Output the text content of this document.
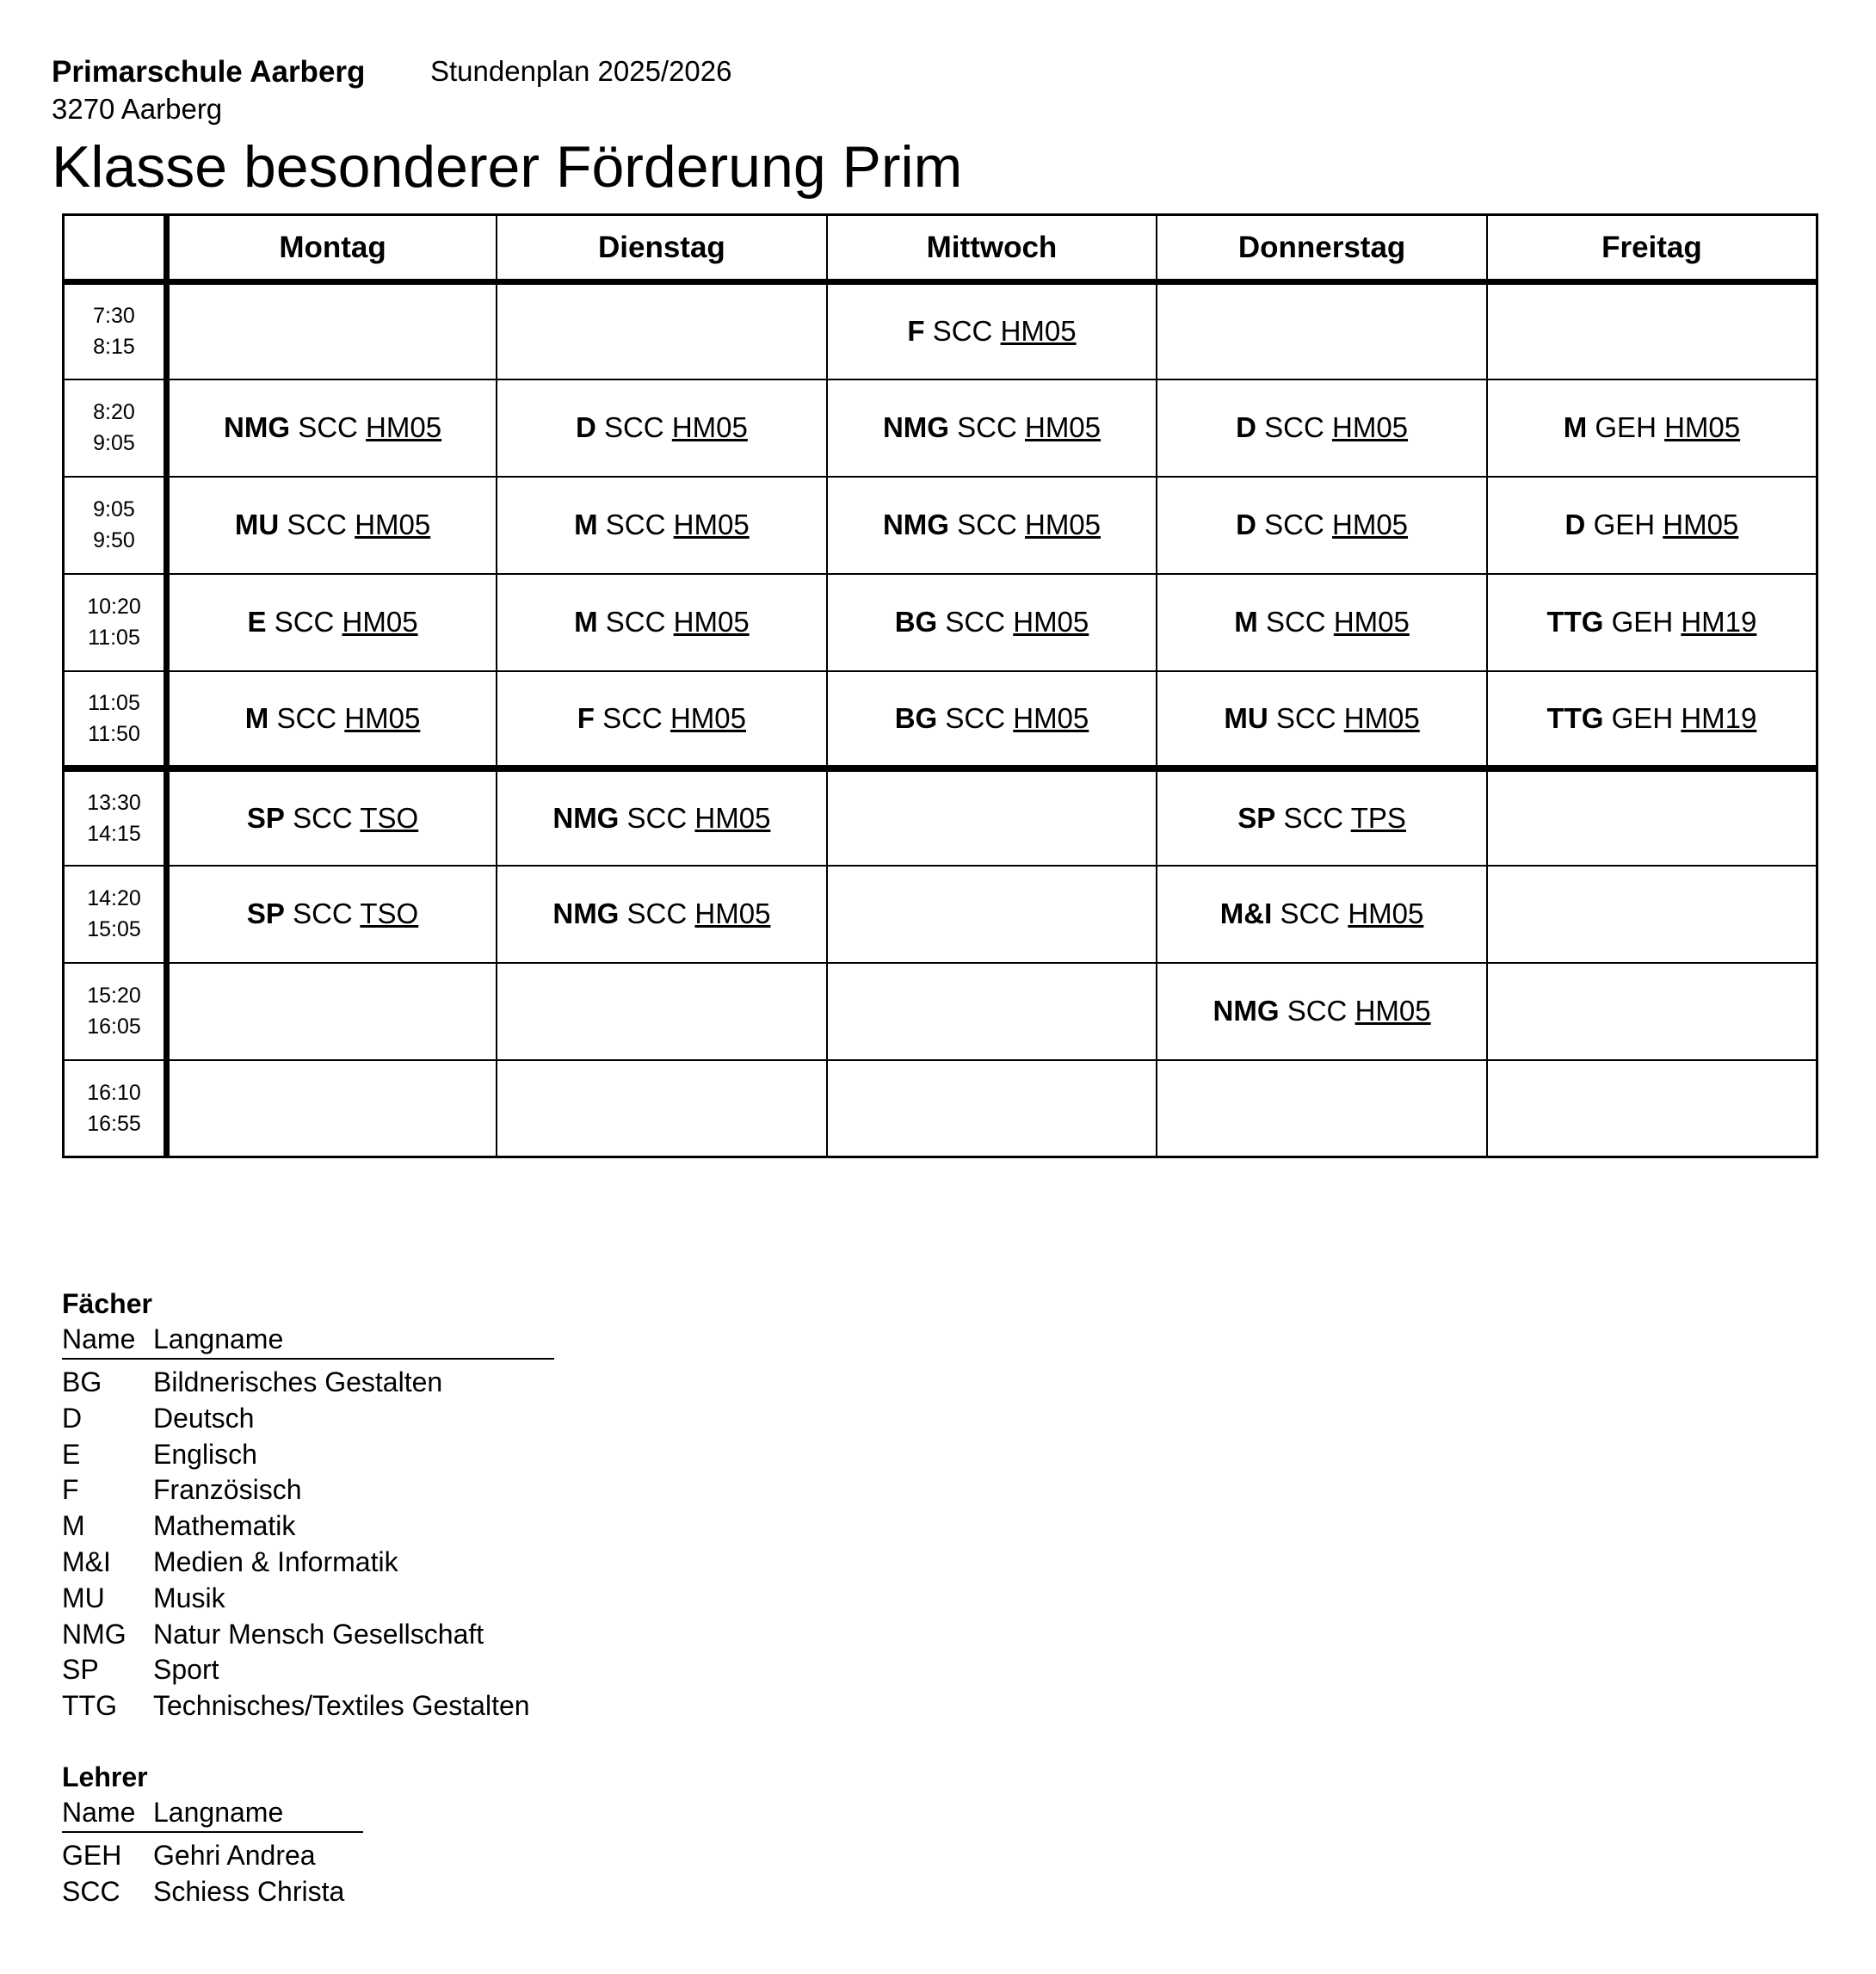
Primarschule Aarberg Stundenplan 2025/2026
3270 Aarberg
Klasse besonderer Förderung Prim
	Montag	Dienstag	Mittwoch	Donnerstag	Freitag

7:30
8:15			F SCC HM05		

8:20
9:05	NMG SCC HM05	D SCC HM05	NMG SCC HM05	D SCC HM05	M GEH HM05

9:05
9:50	MU SCC HM05	M SCC HM05	NMG SCC HM05	D SCC HM05	D GEH HM05

10:20
11:05	E SCC HM05	M SCC HM05	BG SCC HM05	M SCC HM05	TTG GEH HM19

11:05
11:50	M SCC HM05	F SCC HM05	BG SCC HM05	MU SCC HM05	TTG GEH HM19

13:30
14:15	SP SCC TSO	NMG SCC HM05		SP SCC TPS	

14:20
15:05	SP SCC TSO	NMG SCC HM05		M&I SCC HM05	

15:20
16:05				NMG SCC HM05	

16:10
16:55					

Fächer
Name Langname
BG Bildnerisches Gestalten
D	Deutsch
E	Englisch
F	Französisch
M Mathematik
M&I Medien & Informatik
MU Musik
NMG Natur Mensch Gesellschaft
SP Sport
TTG Technisches/Textiles Gestalten
Lehrer
Name Langname
GEH Gehri Andrea
SCC Schiess Christa
